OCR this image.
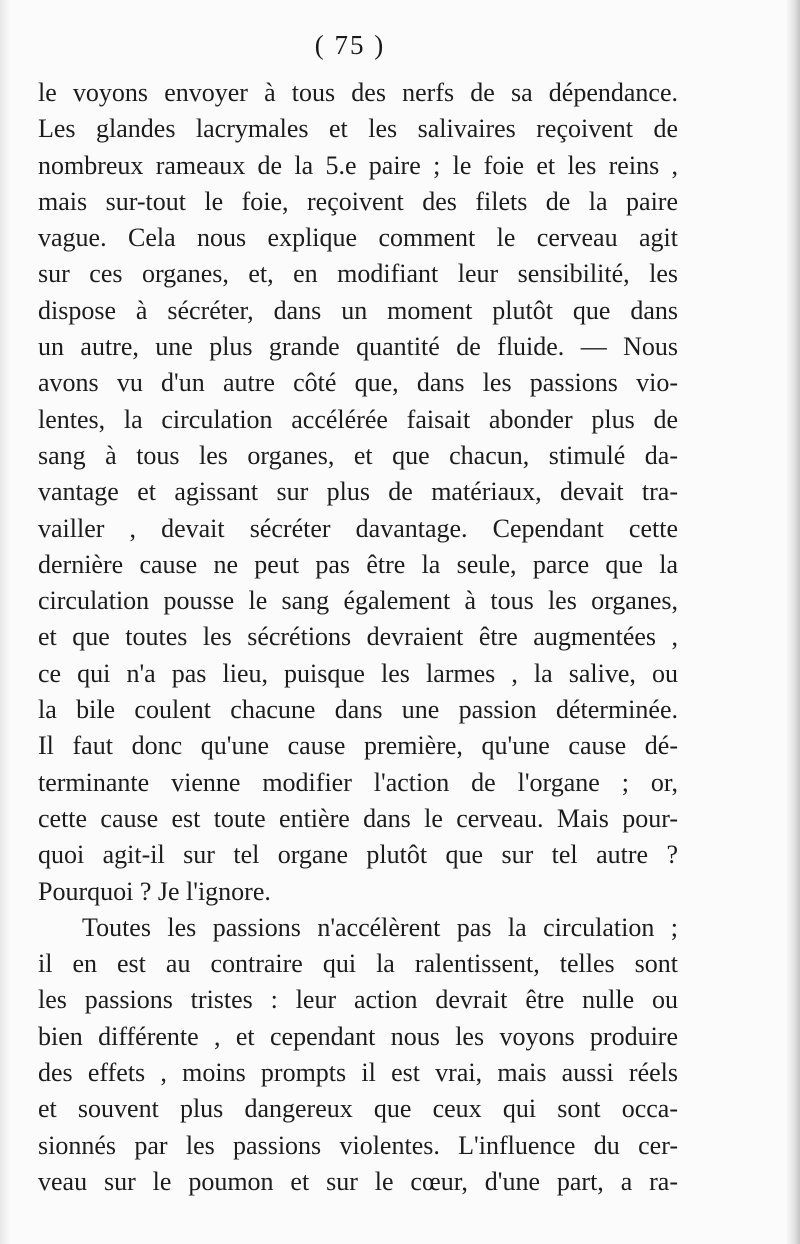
( 75 )
le voyons envoyer à tous des nerfs de sa dépendance.
Les glandes lacrymales et les salivaires reçoivent de
nombreux rameaux de la 5.e paire ; le foie et les reins ,
mais sur-tout le foie, reçoivent des filets de la paire
vague. Cela nous explique comment le cerveau agit
sur ces organes, et, en modifiant leur sensibilité, les
dispose à sécréter, dans un moment plutôt que dans
un autre, une plus grande quantité de fluide. — Nous
avons vu d'un autre côté que, dans les passions vio-
lentes, la circulation accélérée faisait abonder plus de
sang à tous les organes, et que chacun, stimulé da-
vantage et agissant sur plus de matériaux, devait tra-
vailler , devait sécréter davantage. Cependant cette
dernière cause ne peut pas être la seule, parce que la
circulation pousse le sang également à tous les organes,
et que toutes les sécrétions devraient être augmentées ,
ce qui n'a pas lieu, puisque les larmes , la salive, ou
la bile coulent chacune dans une passion déterminée.
Il faut donc qu'une cause première, qu'une cause dé-
terminante vienne modifier l'action de l'organe ; or,
cette cause est toute entière dans le cerveau. Mais pour-
quoi agit-il sur tel organe plutôt que sur tel autre ?
Pourquoi ? Je l'ignore.
Toutes les passions n'accélèrent pas la circulation ;
il en est au contraire qui la ralentissent, telles sont
les passions tristes : leur action devrait être nulle ou
bien différente , et cependant nous les voyons produire
des effets , moins prompts il est vrai, mais aussi réels
et souvent plus dangereux que ceux qui sont occa-
sionnés par les passions violentes. L'influence du cer-
veau sur le poumon et sur le cœur, d'une part, a ra-
